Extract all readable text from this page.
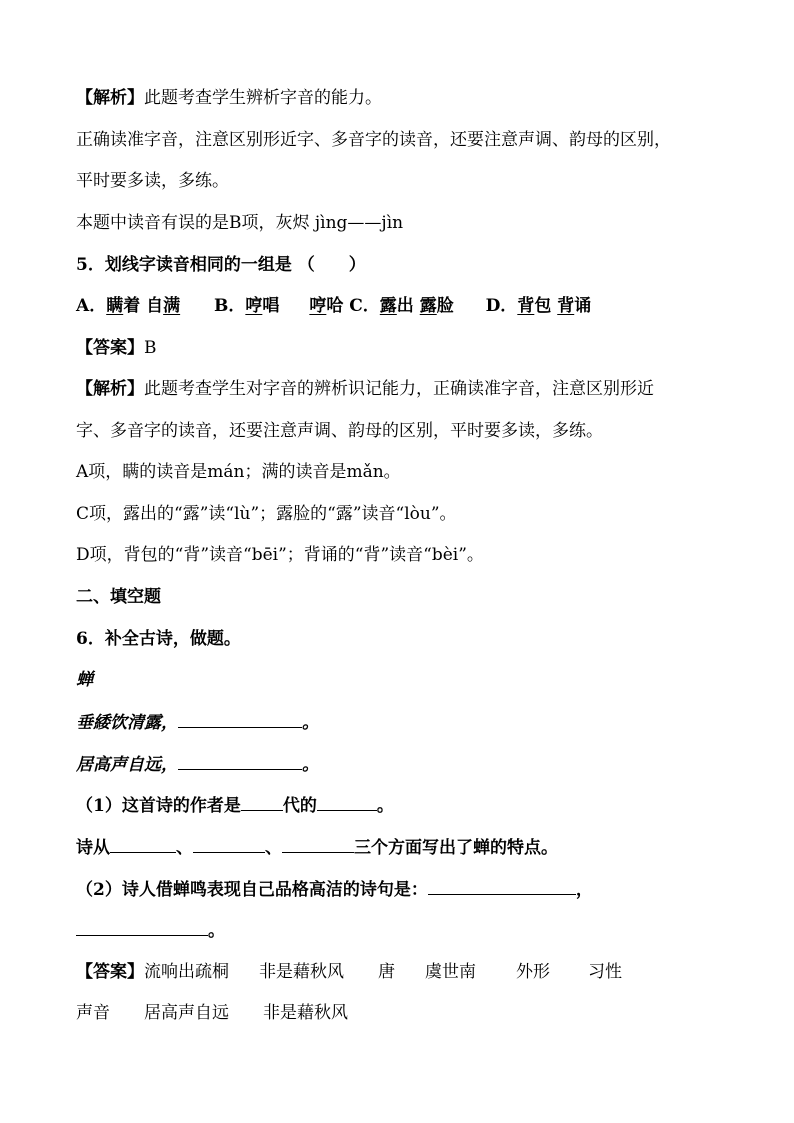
【解析】此题考查学生辨析字音的能力。
正确读准字音，注意区别形近字、多音字的读音，还要注意声调、韵母的区别，
平时要多读，多练。
本题中读音有误的是B项，灰烬 jìng——jìn
5．划线字读音相同的一组是 （　　）
A．瞒着 自满 B．哼唱 哼哈 C．露出 露脸 D．背包 背诵
【答案】B
【解析】此题考查学生对字音的辨析识记能力，正确读准字音，注意区别形近
字、多音字的读音，还要注意声调、韵母的区别，平时要多读，多练。
A项，瞒的读音是mán；满的读音是mǎn。
C项，露出的“露”读“lù”；露脸的“露”读音“lòu”。
D项，背包的“背”读音“bēi”；背诵的“背”读音“bèi”。
二、填空题
6．补全古诗，做题。
蝉
垂緌饮清露，	。
居高声自远，	。
（1）这首诗的作者是 代的	。
诗从	、	、	三个方面写出了蝉的特点。
（2）诗人借蝉鸣表现自己品格高洁的诗句是：	，
。
【答案】流响出疏桐 非是藉秋风 唐 虞世南 外形 习性
声音 居高声自远 非是藉秋风
